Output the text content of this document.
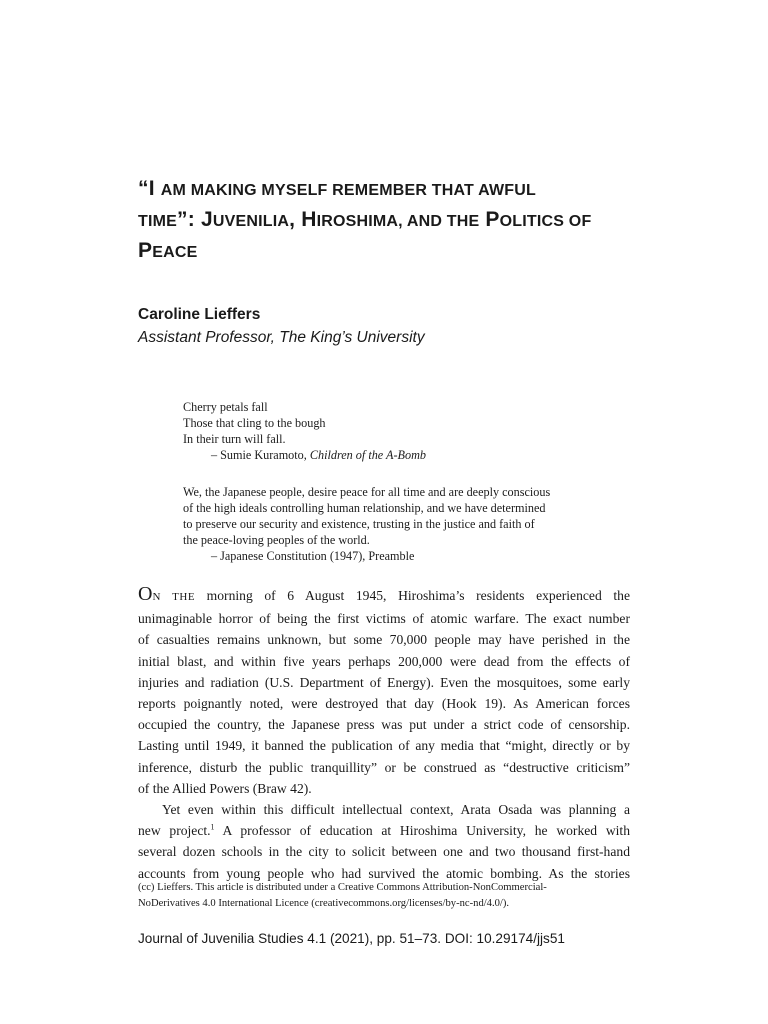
“I AM MAKING MYSELF REMEMBER THAT AWFUL
TIME”: JUVENILIA, HIROSHIMA, AND THE POLITICS OF
PEACE
Caroline Lieffers
Assistant Professor, The King’s University
Cherry petals fall
Those that cling to the bough
In their turn will fall.
– Sumie Kuramoto, Children of the A-Bomb
We, the Japanese people, desire peace for all time and are deeply conscious
of the high ideals controlling human relationship, and we have determined
to preserve our security and existence, trusting in the justice and faith of
the peace-loving peoples of the world.
– Japanese Constitution (1947), Preamble
ON THE morning of 6 August 1945, Hiroshima’s residents experienced the
unimaginable horror of being the first victims of atomic warfare. The exact number
of casualties remains unknown, but some 70,000 people may have perished in the
initial blast, and within five years perhaps 200,000 were dead from the effects of
injuries and radiation (U.S. Department of Energy). Even the mosquitoes, some early
reports poignantly noted, were destroyed that day (Hook 19). As American forces
occupied the country, the Japanese press was put under a strict code of censorship.
Lasting until 1949, it banned the publication of any media that “might, directly or by
inference, disturb the public tranquillity” or be construed as “destructive criticism”
of the Allied Powers (Braw 42).
Yet even within this difficult intellectual context, Arata Osada was planning a
new project.$^1$ A professor of education at Hiroshima University, he worked with
several dozen schools in the city to solicit between one and two thousand first-hand
accounts from young people who had survived the atomic bombing. As the stories
(cc) Lieffers. This article is distributed under a Creative Commons Attribution-NonCommercial-
NoDerivatives 4.0 International Licence (creativecommons.org/licenses/by-nc-nd/4.0/).
Journal of Juvenilia Studies 4.1 (2021), pp. 51–73. DOI: 10.29174/jjs51
